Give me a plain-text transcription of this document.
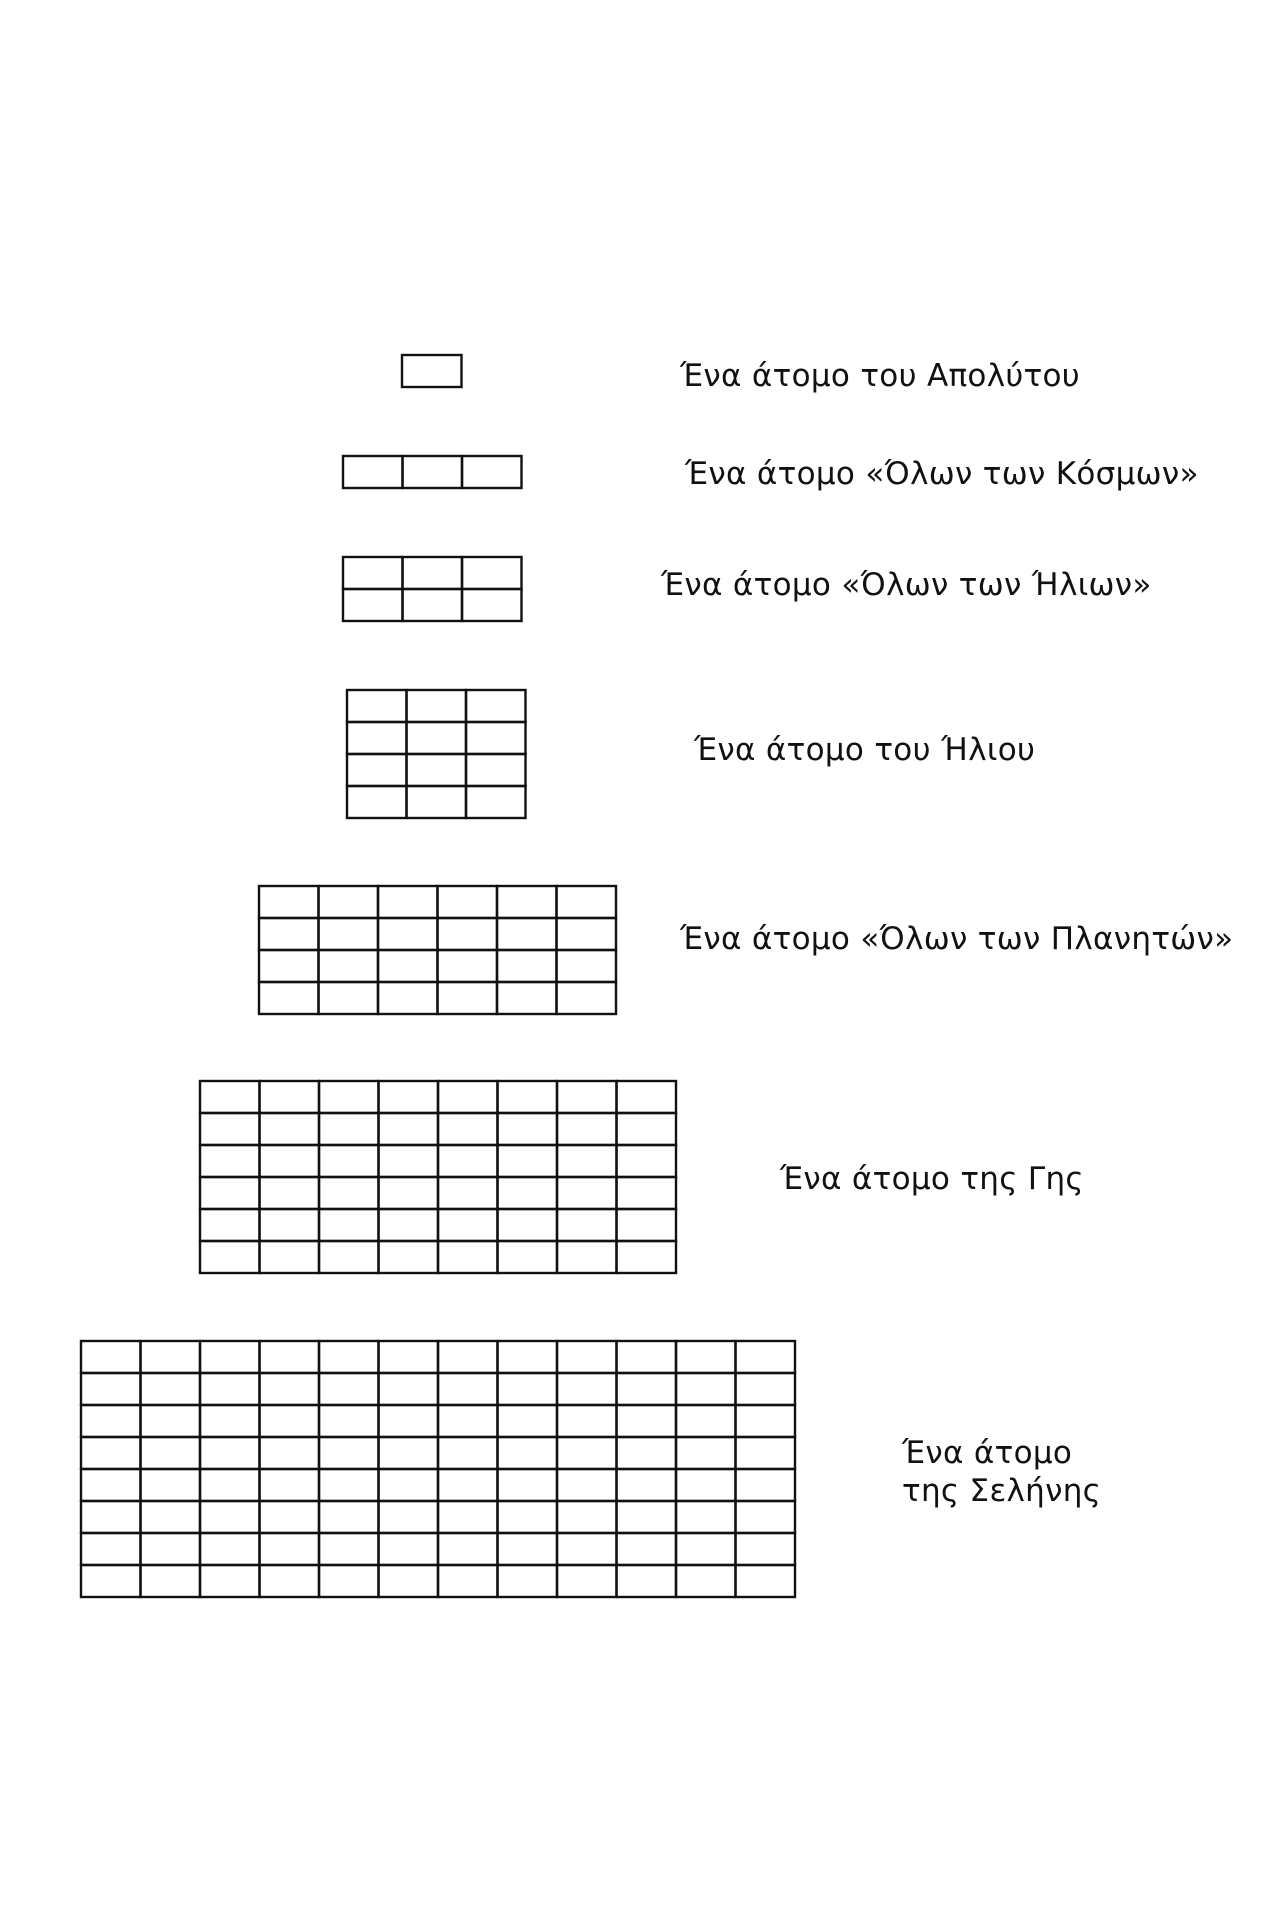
Ένα άτομο του Απολύτου
Ένα άτομο «Όλων των Κόσμων»
Ένα άτομο «Όλων των Ήλιων»
Ένα άτομο του Ήλιου
Ένα άτομο «Όλων των Πλανητών»
Ένα άτομο της Γης
Ένα άτομο
της Σελήνης
